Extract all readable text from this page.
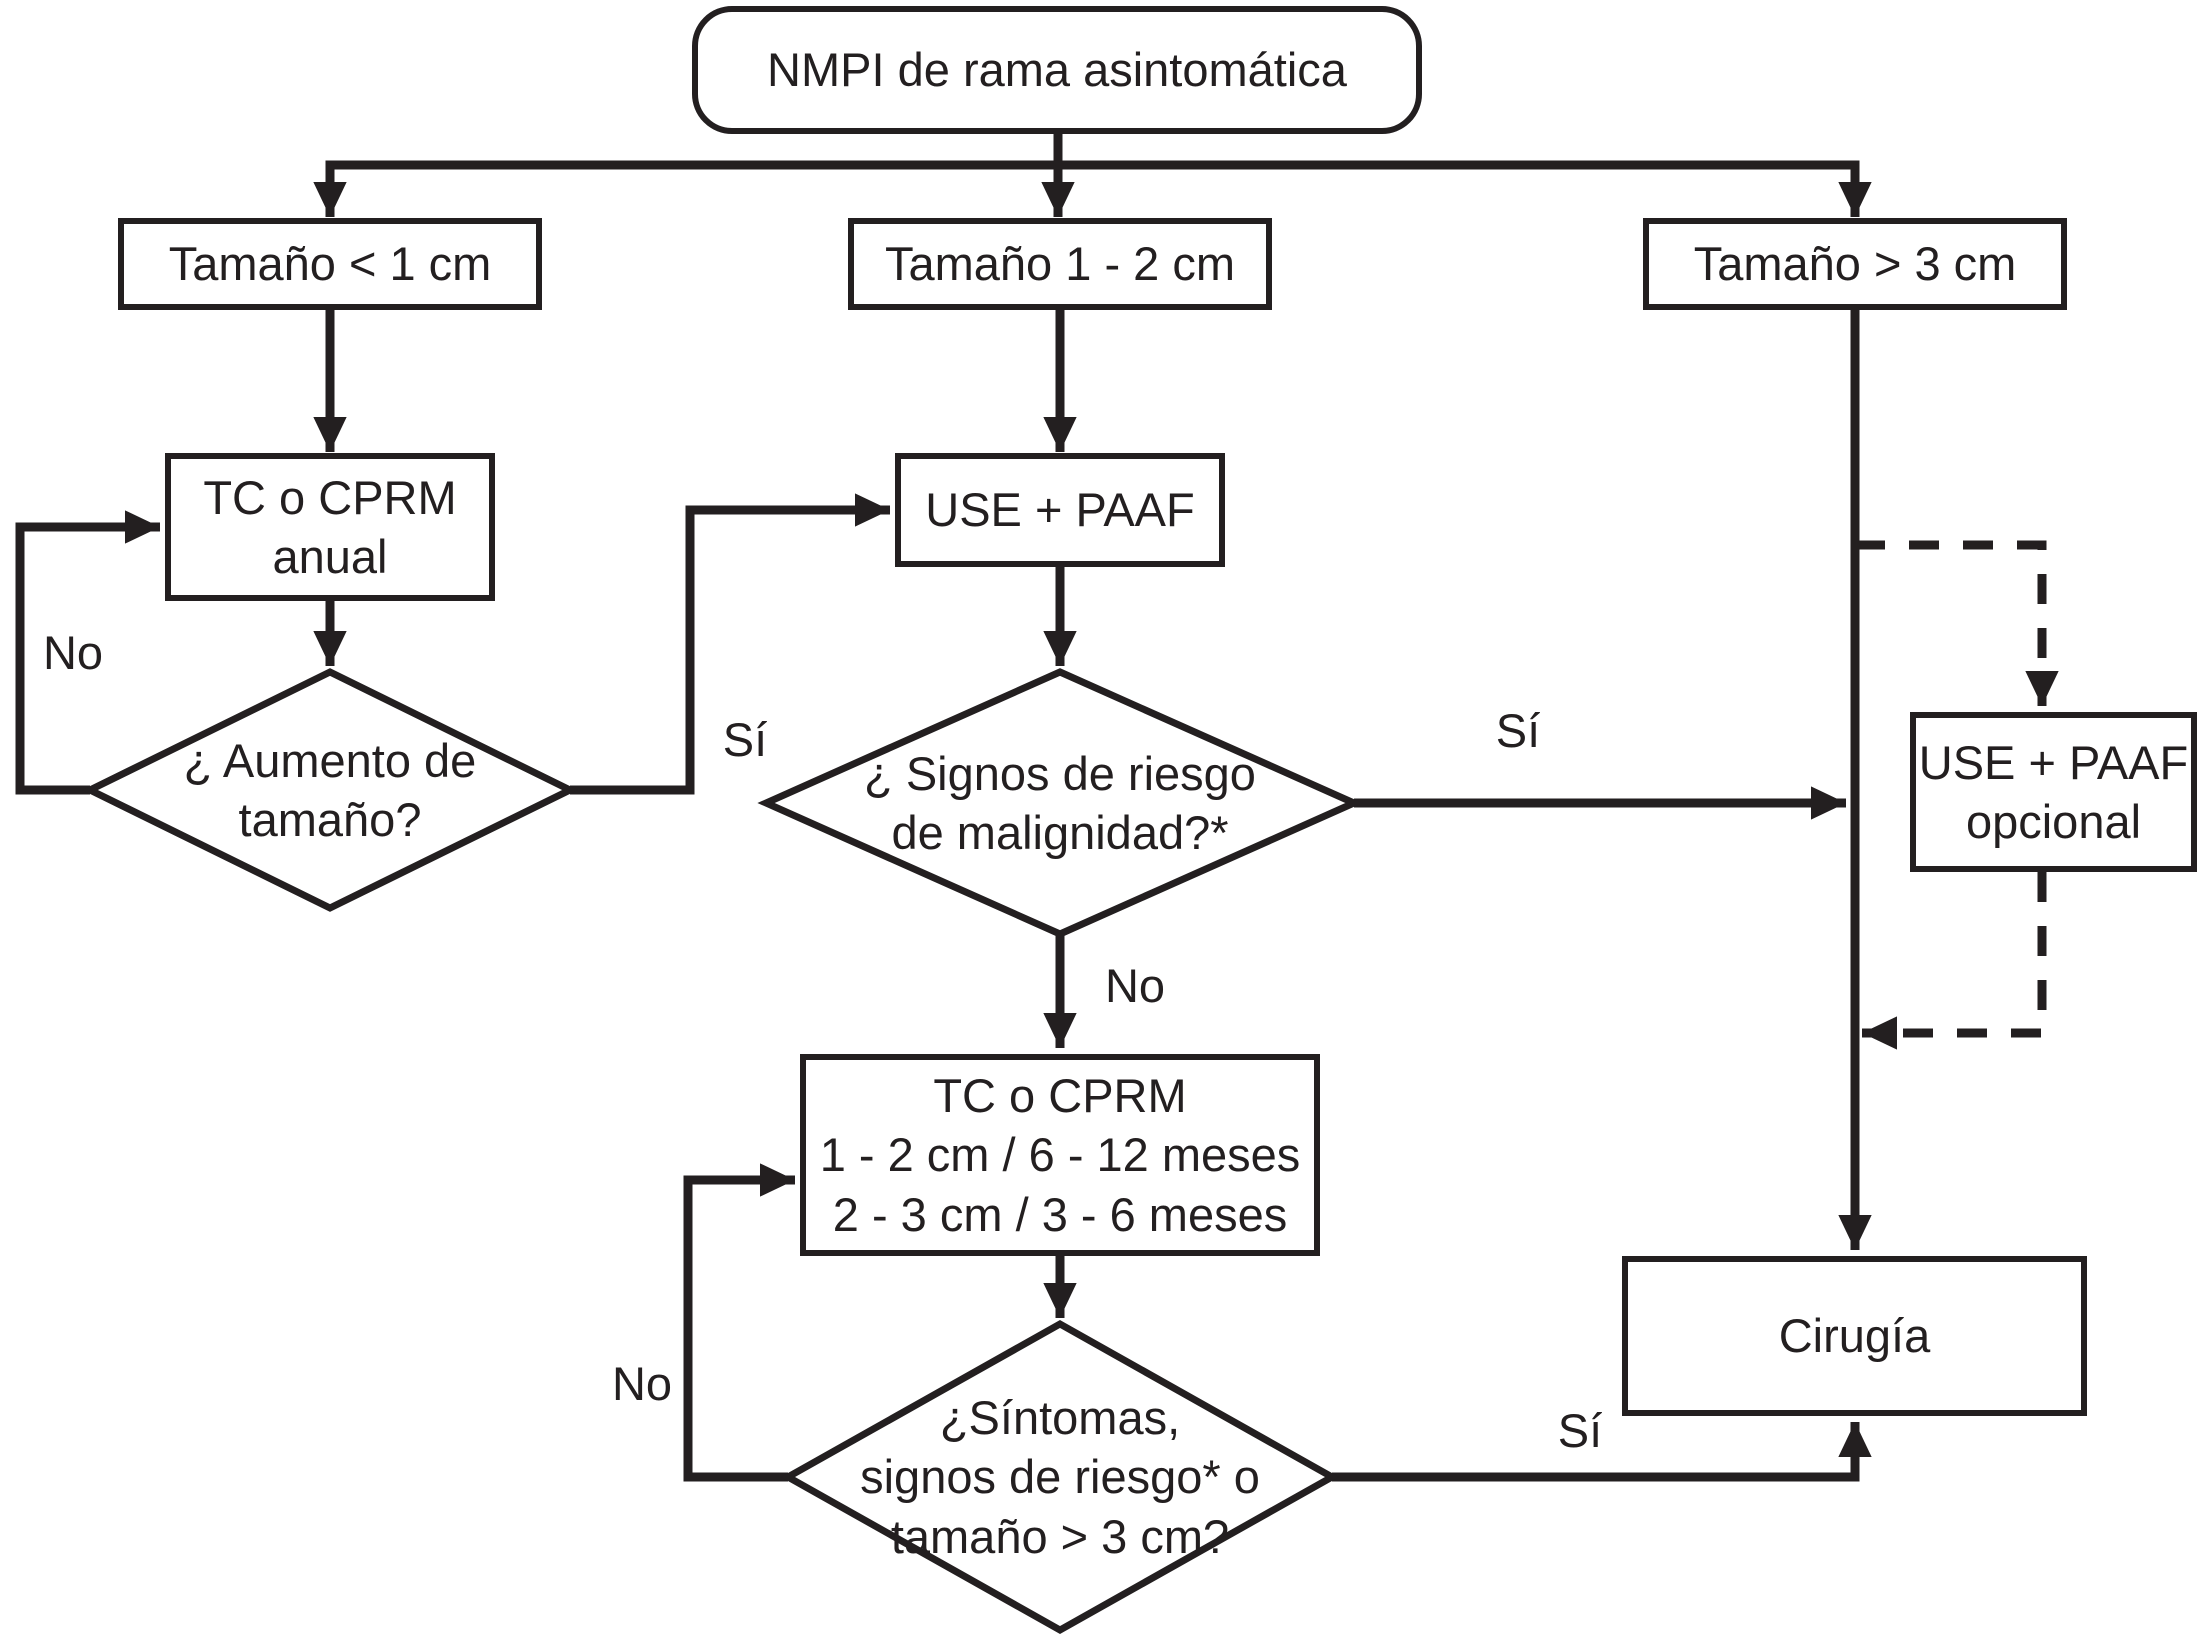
NMPI de rama asintomática
Tamaño < 1 cm	Tamaño 1 - 2 cm	Tamaño > 3 cm
TC o CPRM
anual
USE + PAAF
TC o CPRM
1 - 2 cm / 6 - 12 meses
2 - 3 cm / 3 - 6 meses
USE + PAAF
opcional
Cirugía
¿ Aumento de
tamaño?
¿ Signos de riesgo
de malignidad?*
¿Síntomas,
signos de riesgo* o
tamaño > 3 cm?
No
Sí	Sí
No
No
Sí
